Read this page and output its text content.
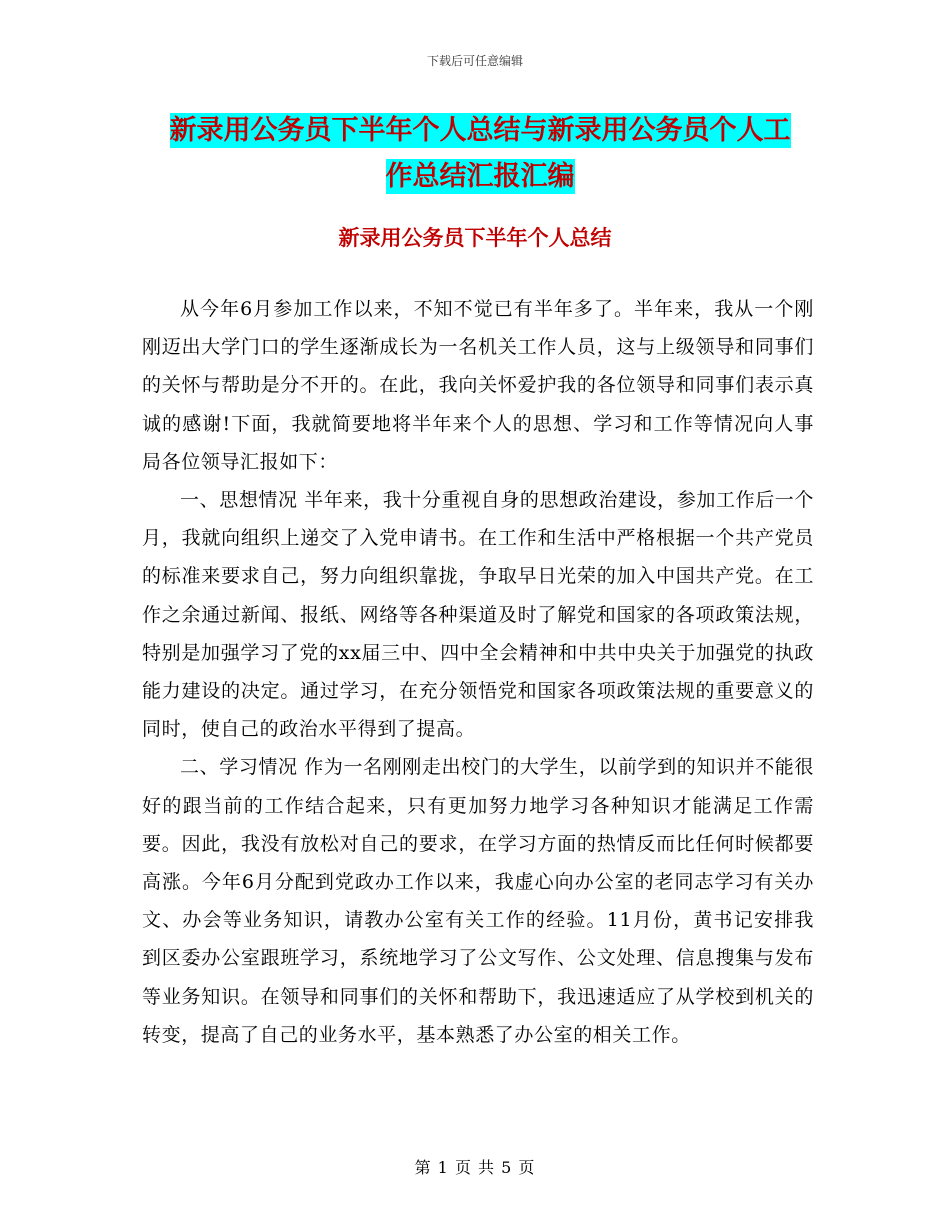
下载后可任意编辑
新录用公务员下半年个人总结与新录用公务员个人工
作总结汇报汇编
新录用公务员下半年个人总结

从今年6月参加工作以来，不知不觉已有半年多了。半年来，我从一个刚刚迈出大学门口的学生逐渐成长为一名机关工作人员，这与上级领导和同事们的关怀与帮助是分不开的。在此，我向关怀爱护我的各位领导和同事们表示真诚的感谢!下面，我就简要地将半年来个人的思想、学习和工作等情况向人事局各位领导汇报如下：

一、思想情况 半年来，我十分重视自身的思想政治建设，参加工作后一个月，我就向组织上递交了入党申请书。在工作和生活中严格根据一个共产党员的标准来要求自己，努力向组织靠拢，争取早日光荣的加入中国共产党。在工作之余通过新闻、报纸、网络等各种渠道及时了解党和国家的各项政策法规，特别是加强学习了党的xx届三中、四中全会精神和中共中央关于加强党的执政能力建设的决定。通过学习，在充分领悟党和国家各项政策法规的重要意义的同时，使自己的政治水平得到了提高。

二、学习情况 作为一名刚刚走出校门的大学生，以前学到的知识并不能很好的跟当前的工作结合起来，只有更加努力地学习各种知识才能满足工作需要。因此，我没有放松对自己的要求，在学习方面的热情反而比任何时候都要高涨。今年6月分配到党政办工作以来，我虚心向办公室的老同志学习有关办文、办会等业务知识，请教办公室有关工作的经验。11月份，黄书记安排我到区委办公室跟班学习，系统地学习了公文写作、公文处理、信息搜集与发布等业务知识。在领导和同事们的关怀和帮助下，我迅速适应了从学校到机关的转变，提高了自己的业务水平，基本熟悉了办公室的相关工作。

第 1 页 共 5 页
